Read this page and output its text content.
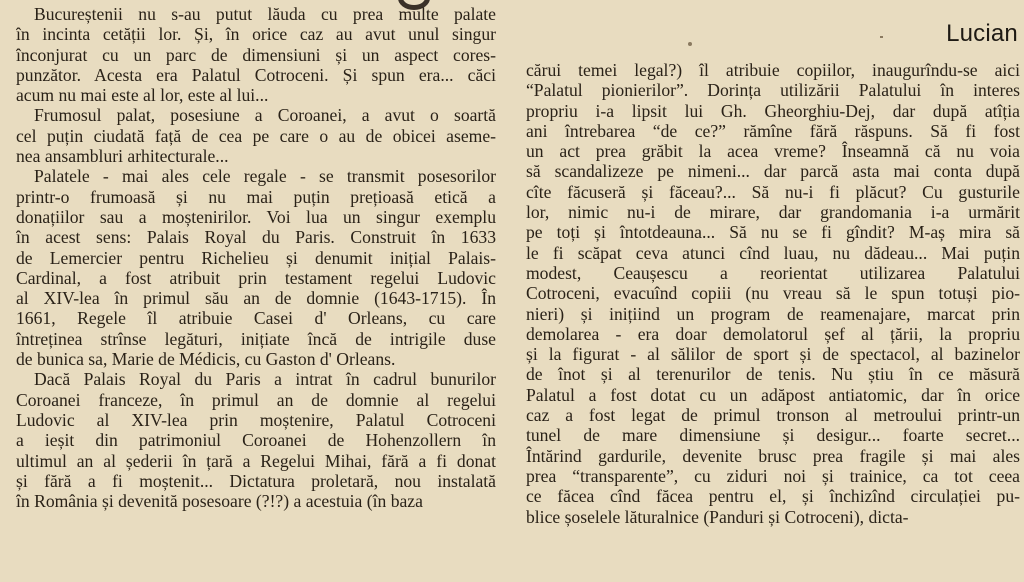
Lucian
Bucureștenii nu s-au putut lăuda cu prea multe palate
în incinta cetății lor. Și, în orice caz au avut unul singur
înconjurat cu un parc de dimensiuni și un aspect cores-
punzător. Acesta era Palatul Cotroceni. Și spun era... căci
acum nu mai este al lor, este al lui...
Frumosul palat, posesiune a Coroanei, a avut o soartă
cel puțin ciudată față de cea pe care o au de obicei aseme-
nea ansambluri arhitecturale...
Palatele - mai ales cele regale - se transmit posesorilor
printr-o frumoasă și nu mai puțin prețioasă etică a
donațiilor sau a moștenirilor. Voi lua un singur exemplu
în acest sens: Palais Royal du Paris. Construit în 1633
de Lemercier pentru Richelieu și denumit inițial Palais-
Cardinal, a fost atribuit prin testament regelui Ludovic
al XIV-lea în primul său an de domnie (1643-1715). În
1661, Regele îl atribuie Casei d' Orleans, cu care
întreținea strînse legături, inițiate încă de intrigile duse
de bunica sa, Marie de Médicis, cu Gaston d' Orleans.
Dacă Palais Royal du Paris a intrat în cadrul bunurilor
Coroanei franceze, în primul an de domnie al regelui
Ludovic al XIV-lea prin moștenire, Palatul Cotroceni
a ieșit din patrimoniul Coroanei de Hohenzollern în
ultimul an al șederii în țară a Regelui Mihai, fără a fi donat
și fără a fi moștenit... Dictatura proletară, nou instalată
în România și devenită posesoare (?!?) a acestuia (în baza
cărui temei legal?) îl atribuie copiilor, inaugurîndu-se aici
“Palatul pionierilor”. Dorința utilizării Palatului în interes
propriu i-a lipsit lui Gh. Gheorghiu-Dej, dar după atîția
ani întrebarea “de ce?” rămîne fără răspuns. Să fi fost
un act prea grăbit la acea vreme? Înseamnă că nu voia
să scandalizeze pe nimeni... dar parcă asta mai conta după
cîte făcuseră și făceau?... Să nu-i fi plăcut? Cu gusturile
lor, nimic nu-i de mirare, dar grandomania i-a urmărit
pe toți și întotdeauna... Să nu se fi gîndit? M-aș mira să
le fi scăpat ceva atunci cînd luau, nu dădeau... Mai puțin
modest, Ceaușescu a reorientat utilizarea Palatului
Cotroceni, evacuînd copiii (nu vreau să le spun totuși pio-
nieri) și inițiind un program de reamenajare, marcat prin
demolarea - era doar demolatorul șef al țării, la propriu
și la figurat - al sălilor de sport și de spectacol, al bazinelor
de înot și al terenurilor de tenis. Nu știu în ce măsură
Palatul a fost dotat cu un adăpost antiatomic, dar în orice
caz a fost legat de primul tronson al metroului printr-un
tunel de mare dimensiune și desigur... foarte secret...
Întărind gardurile, devenite brusc prea fragile și mai ales
prea “transparente”, cu ziduri noi și trainice, ca tot ceea
ce făcea cînd făcea pentru el, și închizînd circulației pu-
blice șoselele lăturalnice (Panduri și Cotroceni), dicta-
